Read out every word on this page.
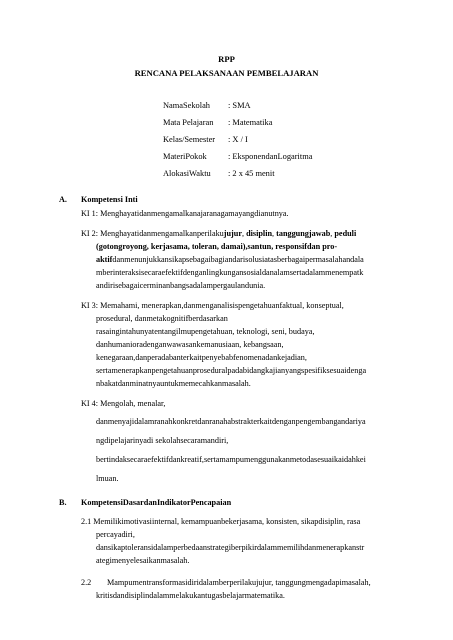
RPP
RENCANA PELAKSANAAN PEMBELAJARAN
NamaSekolah : SMA
Mata Pelajaran : Matematika
Kelas/Semester : X / I
MateriPokok	: EksponendanLogaritma
AlokasiWaktu : 2 x 45 menit
A. Kompetensi Inti
KI 1: Menghayatidanmengamalkanajaranagamayangdianutnya.
KI 2: Menghayatidanmengamalkanperilakujujur, disiplin, tanggungjawab, peduli
(gotongroyong, kerjasama, toleran, damai),santun, responsifdan pro-
aktifdanmenunjukkansikapsebagaibagiandarisolusiatasberbagaipermasalahandala
mberinteraksisecaraefektifdenganlingkungansosialdanalamsertadalammenempatk
andirisebagaicerminanbangsadalampergaulandunia.
KI 3: Memahami, menerapkan,danmenganalisispengetahuanfaktual, konseptual,
prosedural, danmetakognitifberdasarkan
rasaingintahunyatentangilmupengetahuan, teknologi, seni, budaya,
danhumanioradenganwawasankemanusiaan, kebangsaan,
kenegaraan,danperadabanterkaitpenyebabfenomenadankejadian,
sertamenerapkanpengetahuanproseduralpadabidangkajianyangspesifiksesuaidenga
nbakatdanminatnyauntukmemecahkanmasalah.
KI 4: Mengolah, menalar,
danmenyajidalamranahkonkretdanranahabstrakterkaitdenganpengembangandariya
ngdipelajarinyadi sekolahsecaramandiri,
bertindaksecaraefektifdankreatif,sertamampumenggunakanmetodasesuaikaidahkei
lmuan.
B. KompetensiDasardanIndikatorPencapaian
2.1 Memilikimotivasiinternal, kemampuanbekerjasama, konsisten, sikapdisiplin, rasa
percayadiri,
dansikaptoleransidalamperbedaanstrategiberpikirdalammemilihdanmenerapkanstr
ategimenyelesaikanmasalah.
2.2 Mampumentransformasidiridalamberperilakujujur, tanggungmengadapimasalah,
kritisdandisiplindalammelakukantugasbelajarmatematika.
